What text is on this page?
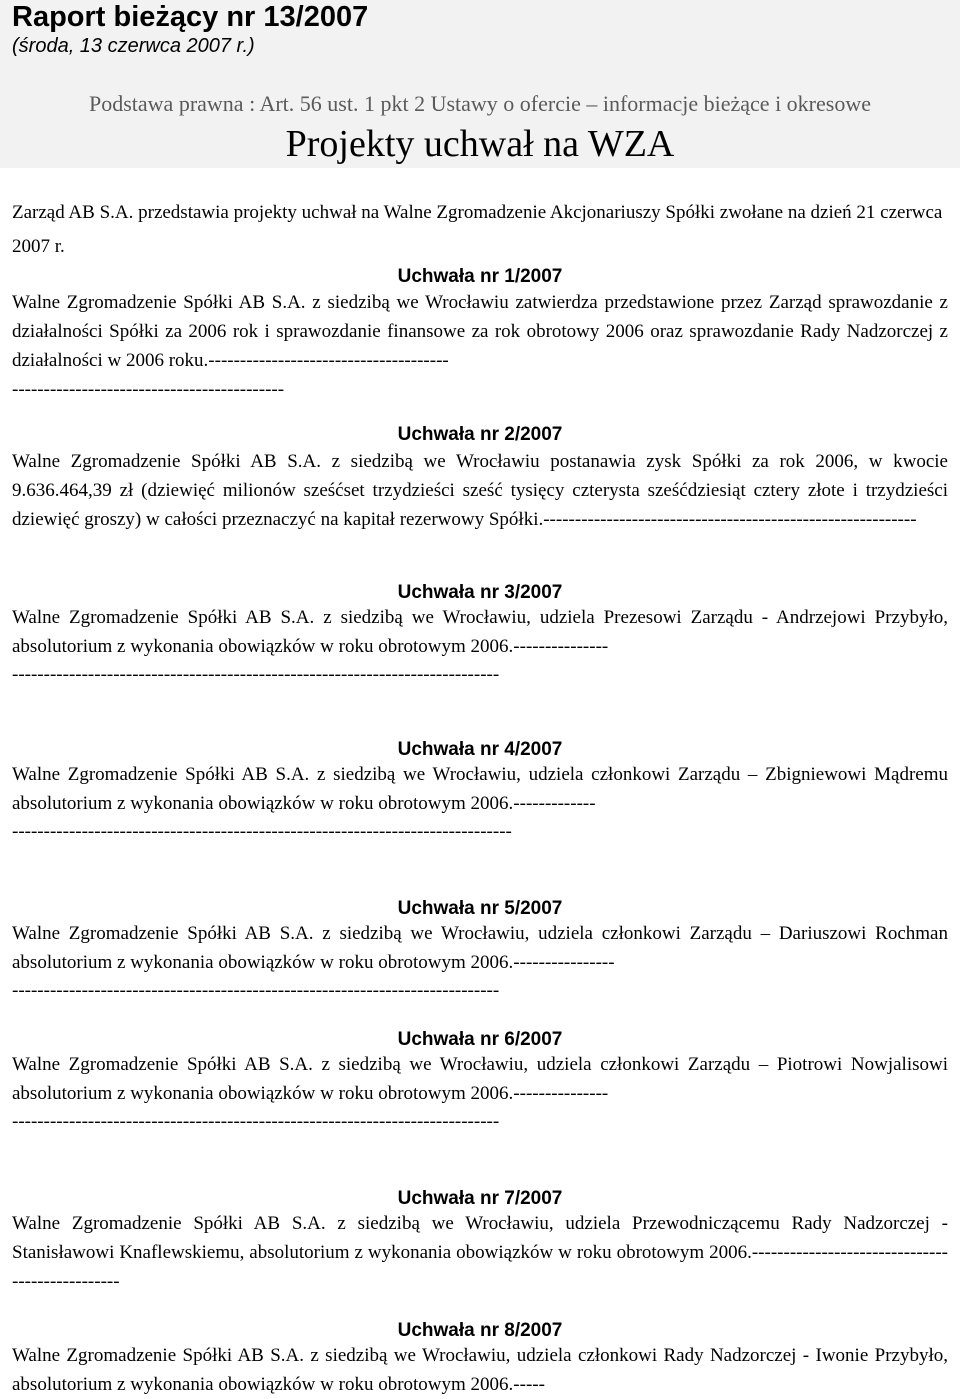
Raport bieżący nr 13/2007
(środa, 13 czerwca 2007 r.)
Podstawa prawna : Art. 56 ust. 1 pkt 2 Ustawy o ofercie – informacje bieżące i okresowe
Projekty uchwał na WZA

Zarząd AB S.A. przedstawia projekty uchwał na Walne Zgromadzenie Akcjonariuszy Spółki zwołane na dzień 21 czerwca 2007 r.

Uchwała nr 1/2007

Walne Zgromadzenie Spółki AB S.A. z siedzibą we Wrocławiu zatwierdza przedstawione przez Zarząd sprawozdanie z działalności Spółki za 2006 rok i sprawozdanie finansowe za rok obrotowy 2006 oraz sprawozdanie Rady Nadzorczej z działalności w 2006 roku.--------------------------------------

-------------------------------------------
Uchwała nr 2/2007

Walne Zgromadzenie Spółki AB S.A. z siedzibą we Wrocławiu postanawia zysk Spółki za rok 2006, w kwocie 9.636.464,39 zł (dziewięć milionów sześćset trzydzieści sześć tysięcy czterysta sześćdziesiąt cztery złote i trzydzieści dziewięć groszy) w całości przeznaczyć na kapitał rezerwowy Spółki.-----------------------------------------------------------

Uchwała nr 3/2007

Walne Zgromadzenie Spółki AB S.A. z siedzibą we Wrocławiu, udziela Prezesowi Zarządu - Andrzejowi Przybyło, absolutorium z wykonania obowiązków w roku obrotowym 2006.---------------

-----------------------------------------------------------------------------
Uchwała nr 4/2007

Walne Zgromadzenie Spółki AB S.A. z siedzibą we Wrocławiu, udziela członkowi Zarządu – Zbigniewowi Mądremu absolutorium z wykonania obowiązków w roku obrotowym 2006.-------------

-------------------------------------------------------------------------------
Uchwała nr 5/2007

Walne Zgromadzenie Spółki AB S.A. z siedzibą we Wrocławiu, udziela członkowi Zarządu – Dariuszowi Rochman absolutorium z wykonania obowiązków w roku obrotowym 2006.----------------

-----------------------------------------------------------------------------
Uchwała nr 6/2007

Walne Zgromadzenie Spółki AB S.A. z siedzibą we Wrocławiu, udziela członkowi Zarządu – Piotrowi Nowjalisowi absolutorium z wykonania obowiązków w roku obrotowym 2006.---------------

-----------------------------------------------------------------------------
Uchwała nr 7/2007

Walne Zgromadzenie Spółki AB S.A. z siedzibą we Wrocławiu, udziela Przewodniczącemu Rady Nadzorczej - Stanisławowi Knaflewskiemu, absolutorium z wykonania obowiązków w roku obrotowym 2006.------------------------------------------------

Uchwała nr 8/2007

Walne Zgromadzenie Spółki AB S.A. z siedzibą we Wrocławiu, udziela członkowi Rady Nadzorczej - Iwonie Przybyło, absolutorium z wykonania obowiązków w roku obrotowym 2006.-----
